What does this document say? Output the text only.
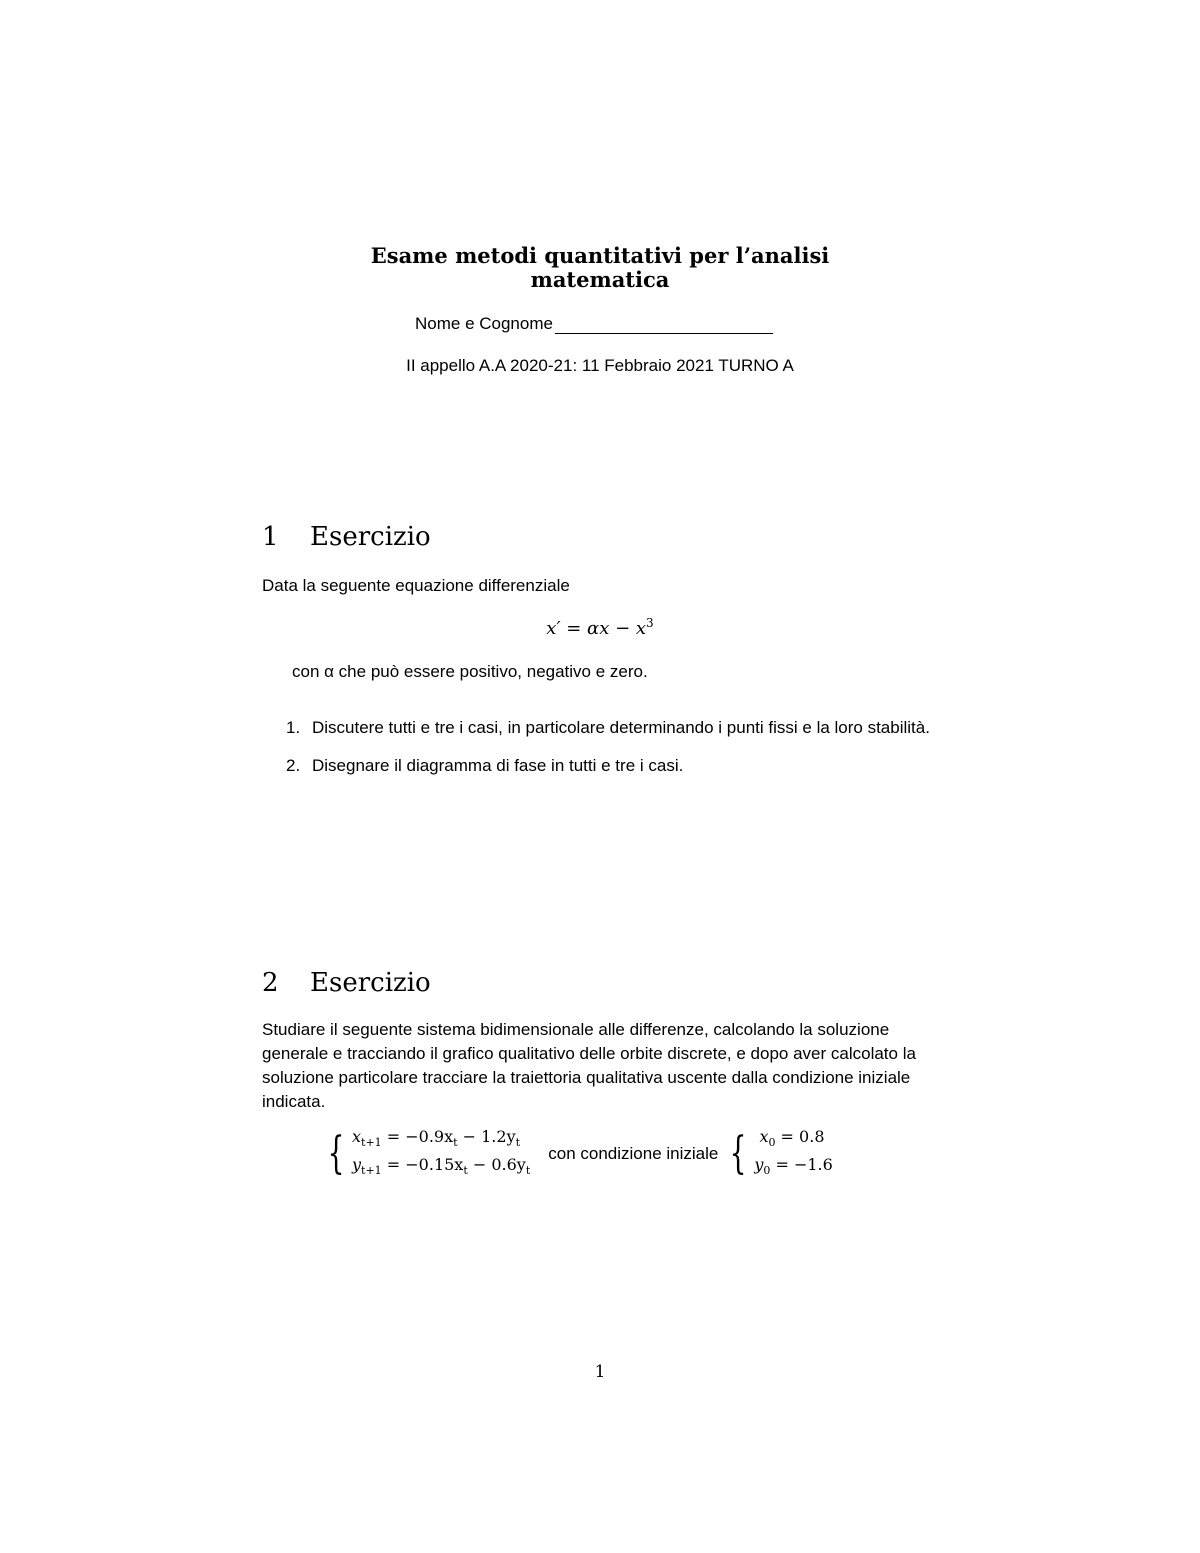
Esame metodi quantitativi per l’analisi
matematica
Nome e Cognome
II appello A.A 2020-21: 11 Febbraio 2021 TURNO A
1 Esercizio
Data la seguente equazione differenziale
$x' = \alpha x - x^3$
con α che può essere positivo, negativo e zero.
1. Discutere tutti e tre i casi, in particolare determinando i punti fissi e la loro stabilità.
2. Disegnare il diagramma di fase in tutti e tre i casi.
2 Esercizio
Studiare il seguente sistema bidimensionale alle differenze, calcolando la soluzione generale e tracciando il grafico qualitativo delle orbite discrete, e dopo aver calcolato la soluzione particolare tracciare la traiettoria qualitativa uscente dalla condizione iniziale indicata.
{ $x_{t+1} = -0.9x_t - 1.2y_t$
$y_{t+1} = -0.15x_t - 0.6y_t$
con condizione iniziale { $x_0 = 0.8$
$y_0 = -1.6$
1
